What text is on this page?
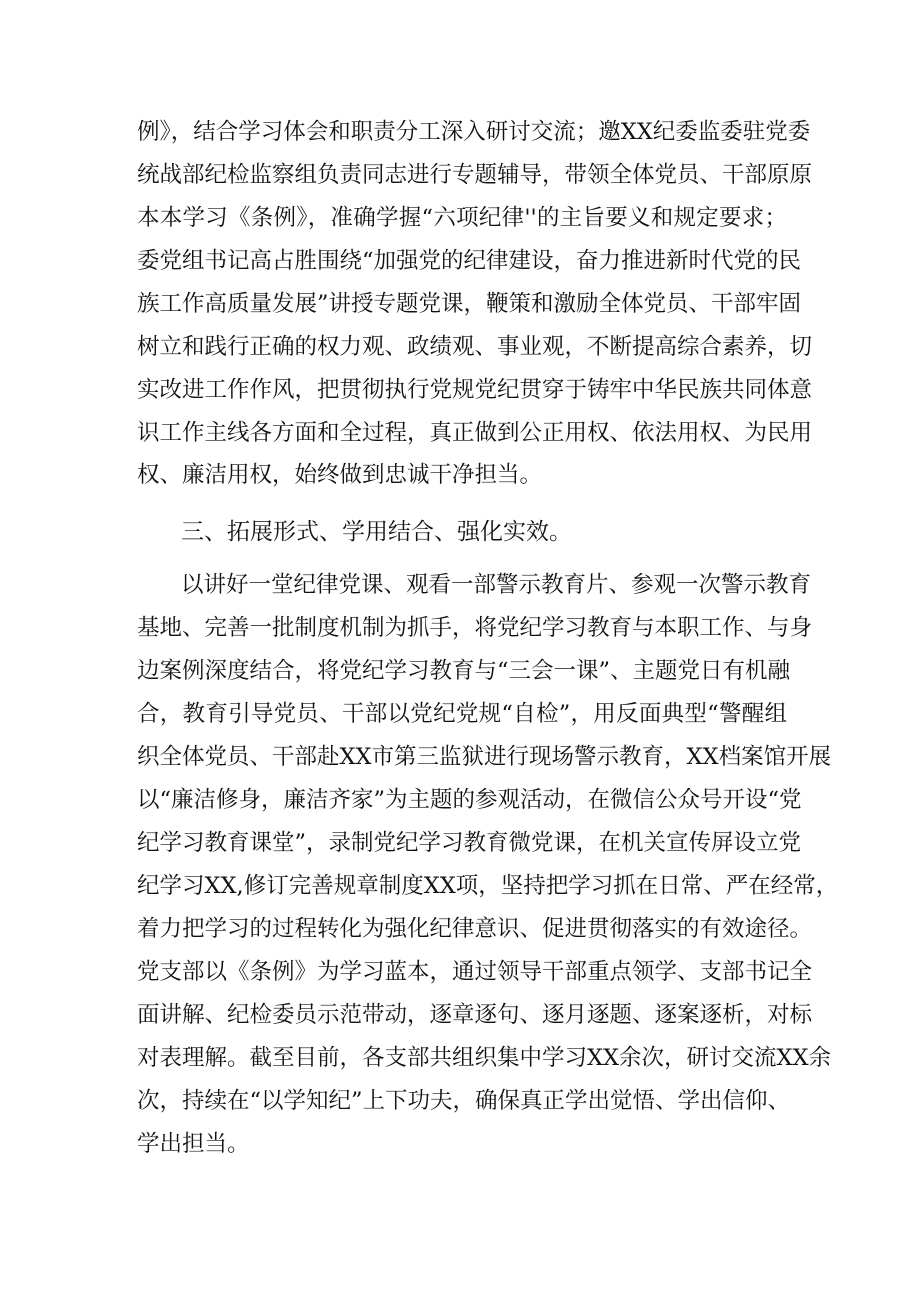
例》，结合学习体会和职责分工深入研讨交流；邀XX纪委监委驻党委
统战部纪检监察组负责同志进行专题辅导，带领全体党员、干部原原
本本学习《条例》，准确学握“六项纪律''的主旨要义和规定要求；
委党组书记高占胜围绕“加强党的纪律建设，奋力推进新时代党的民
族工作高质量发展”讲授专题党课，鞭策和激励全体党员、干部牢固
树立和践行正确的权力观、政绩观、事业观，不断提高综合素养，切
实改进工作作风，把贯彻执行党规党纪贯穿于铸牢中华民族共同体意
识工作主线各方面和全过程，真正做到公正用权、依法用权、为民用
权、廉洁用权，始终做到忠诚干净担当。
三、拓展形式、学用结合、强化实效。
以讲好一堂纪律党课、观看一部警示教育片、参观一次警示教育
基地、完善一批制度机制为抓手，将党纪学习教育与本职工作、与身
边案例深度结合，将党纪学习教育与“三会一课”、主题党日有机融
合，教育引导党员、干部以党纪党规“自检”，用反面典型“警醒组
织全体党员、干部赴XX市第三监狱进行现场警示教育，XX档案馆开展
以“廉洁修身，廉洁齐家”为主题的参观活动，在微信公众号开设“党
纪学习教育课堂”，录制党纪学习教育微党课，在机关宣传屏设立党
纪学习XX,修订完善规章制度XX项，坚持把学习抓在日常、严在经常，
着力把学习的过程转化为强化纪律意识、促进贯彻落实的有效途径。
党支部以《条例》为学习蓝本，通过领导干部重点领学、支部书记全
面讲解、纪检委员示范带动，逐章逐句、逐月逐题、逐案逐析，对标
对表理解。截至目前，各支部共组织集中学习XX余次，研讨交流XX余
次，持续在“以学知纪”上下功夫，确保真正学出觉悟、学出信仰、
学出担当。
